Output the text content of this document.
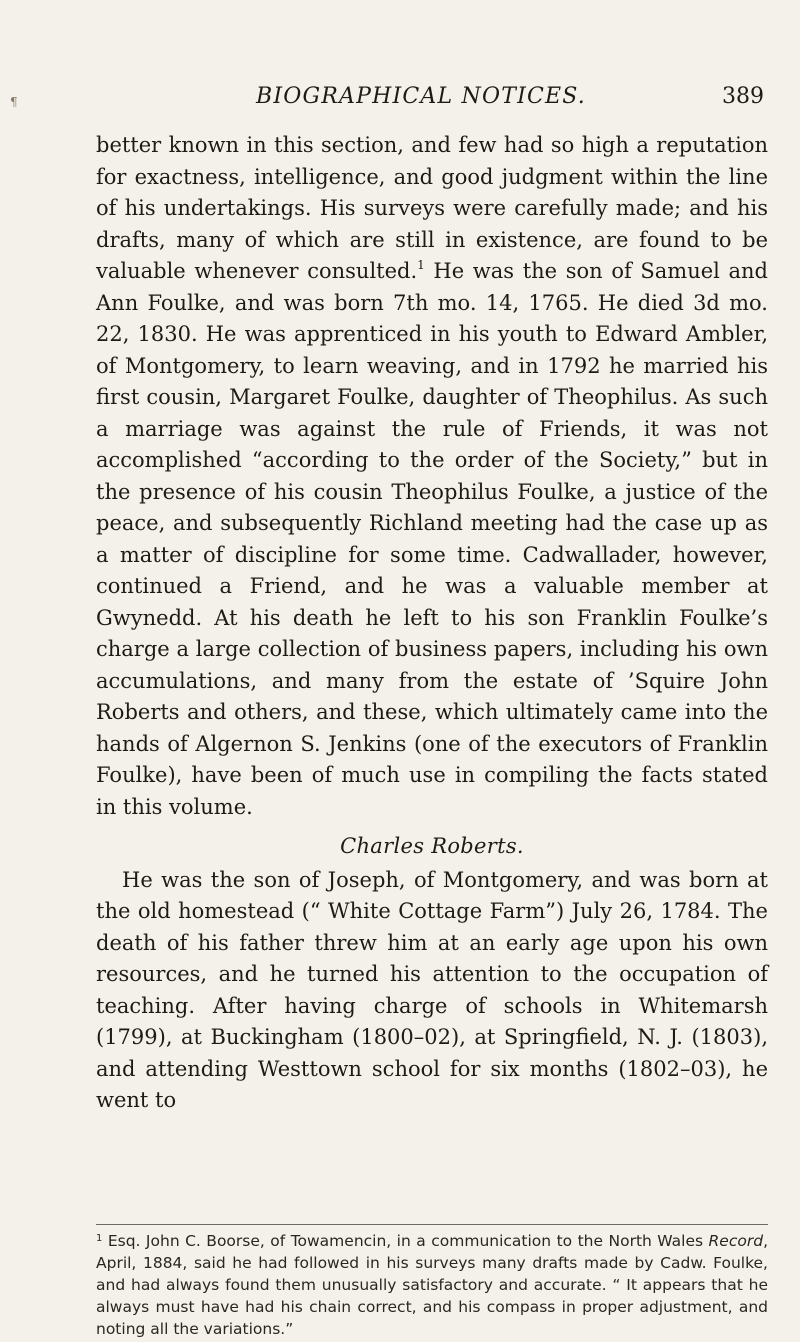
¶	BIOGRAPHICAL NOTICES.	389

better known in this section, and few had so high a reputation for exactness, intelligence, and good judgment within the line of his undertakings. His surveys were carefully made; and his drafts, many of which are still in existence, are found to be valuable whenever consulted.$^1$ He was the son of Samuel and Ann Foulke, and was born 7th mo. 14, 1765. He died 3d mo. 22, 1830. He was apprenticed in his youth to Edward Ambler, of Montgomery, to learn weaving, and in 1792 he married his first cousin, Margaret Foulke, daughter of Theophilus. As such a marriage was against the rule of Friends, it was not accomplished “according to the order of the Society,” but in the presence of his cousin Theophilus Foulke, a justice of the peace, and subsequently Richland meeting had the case up as a matter of discipline for some time. Cadwallader, however, continued a Friend, and he was a valuable member at Gwynedd. At his death he left to his son Franklin Foulke’s charge a large collection of business papers, including his own accumulations, and many from the estate of ’Squire John Roberts and others, and these, which ultimately came into the hands of Algernon S. Jenkins (one of the executors of Franklin Foulke), have been of much use in compiling the facts stated in this volume.

Charles Roberts.

He was the son of Joseph, of Montgomery, and was born at the old homestead (“ White Cottage Farm”) July 26, 1784. The death of his father threw him at an early age upon his own resources, and he turned his attention to the occupation of teaching. After having charge of schools in Whitemarsh (1799), at Buckingham (1800–02), at Springfield, N. J. (1803), and attending Westtown school for six months (1802–03), he went to

$^1$ Esq. John C. Boorse, of Towamencin, in a communication to the North Wales Record, April, 1884, said he had followed in his surveys many drafts made by Cadw. Foulke, and had always found them unusually satisfactory and accurate. “ It appears that he always must have had his chain correct, and his compass in proper adjustment, and noting all the variations.”
